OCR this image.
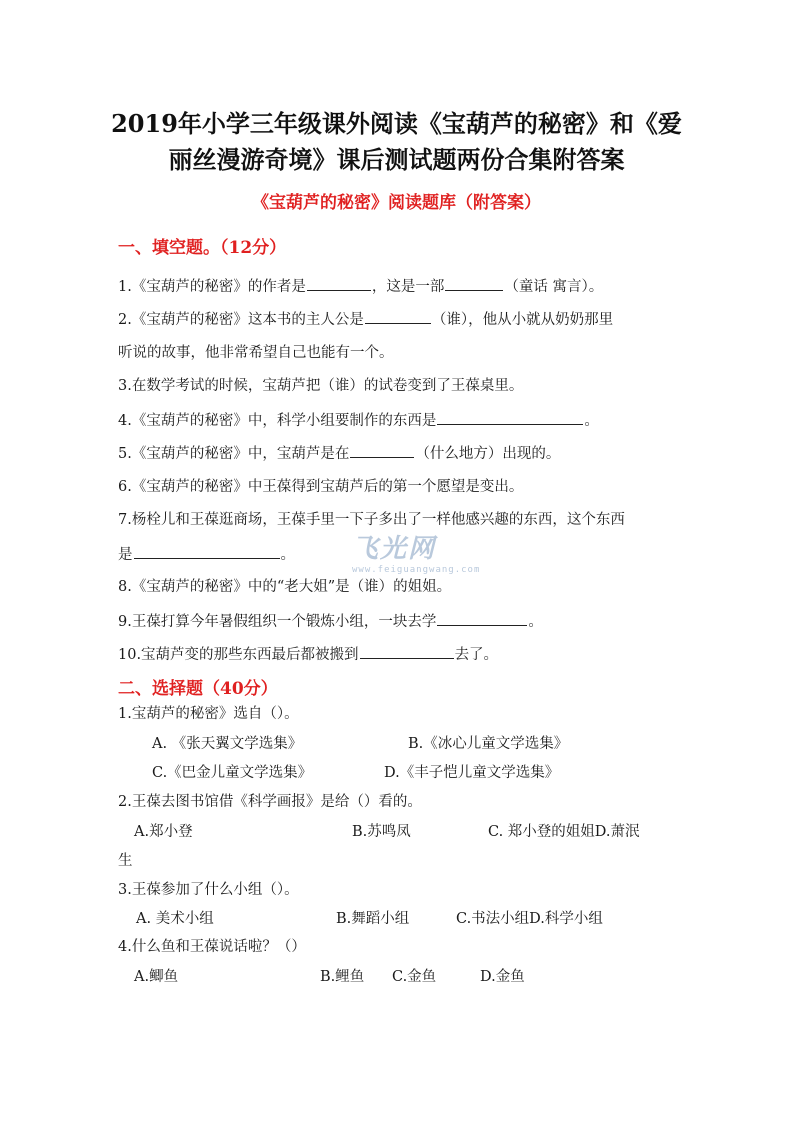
2019年小学三年级课外阅读《宝葫芦的秘密》和《爱
丽丝漫游奇境》课后测试题两份合集附答案
《宝葫芦的秘密》阅读题库（附答案）
一、填空题。（12分）
1.《宝葫芦的秘密》的作者是	，这是一部	（童话 寓言）。
2.《宝葫芦的秘密》这本书的主人公是	（谁），他从小就从奶奶那里
听说的故事，他非常希望自己也能有一个。
3.在数学考试的时候，宝葫芦把（谁）的试卷变到了王葆桌里。
4.《宝葫芦的秘密》中，科学小组要制作的东西是	。
5.《宝葫芦的秘密》中，宝葫芦是在	（什么地方）出现的。
6.《宝葫芦的秘密》中王葆得到宝葫芦后的第一个愿望是变出。
7.杨栓儿和王葆逛商场，王葆手里一下子多出了一样他感兴趣的东西，这个东西
是	。
8.《宝葫芦的秘密》中的“老大姐”是（谁）的姐姐。
9.王葆打算今年暑假组织一个锻炼小组，一块去学	。
10.宝葫芦变的那些东西最后都被搬到	去了。
二、选择题（40分）
1.宝葫芦的秘密》选自（）。
A. 《张天翼文学选集》	B.《冰心儿童文学选集》
C.《巴金儿童文学选集》	D.《丰子恺儿童文学选集》
2.王葆去图书馆借《科学画报》是给（）看的。
A.郑小登	B.苏鸣凤	C. 郑小登的姐姐D.萧泯
生
3.王葆参加了什么小组（）。
A. 美术小组	B.舞蹈小组	C.书法小组D.科学小组
4.什么鱼和王葆说话啦？（）
A.鲫鱼	B.鲤鱼 C.金鱼	D.金鱼
飞光网
www.feiguangwang.com
